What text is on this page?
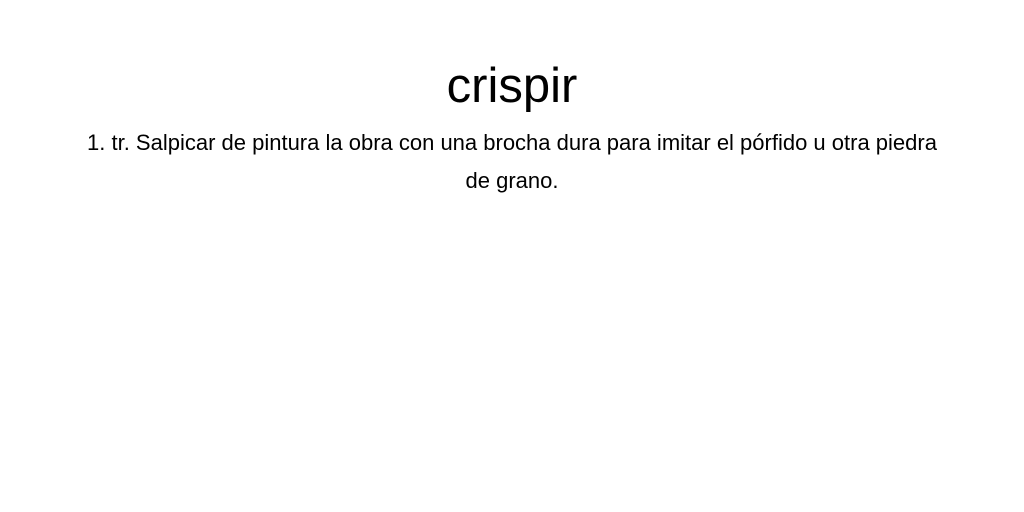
crispir

1. tr. Salpicar de pintura la obra con una brocha dura para imitar el pórfido u otra piedra de grano.
